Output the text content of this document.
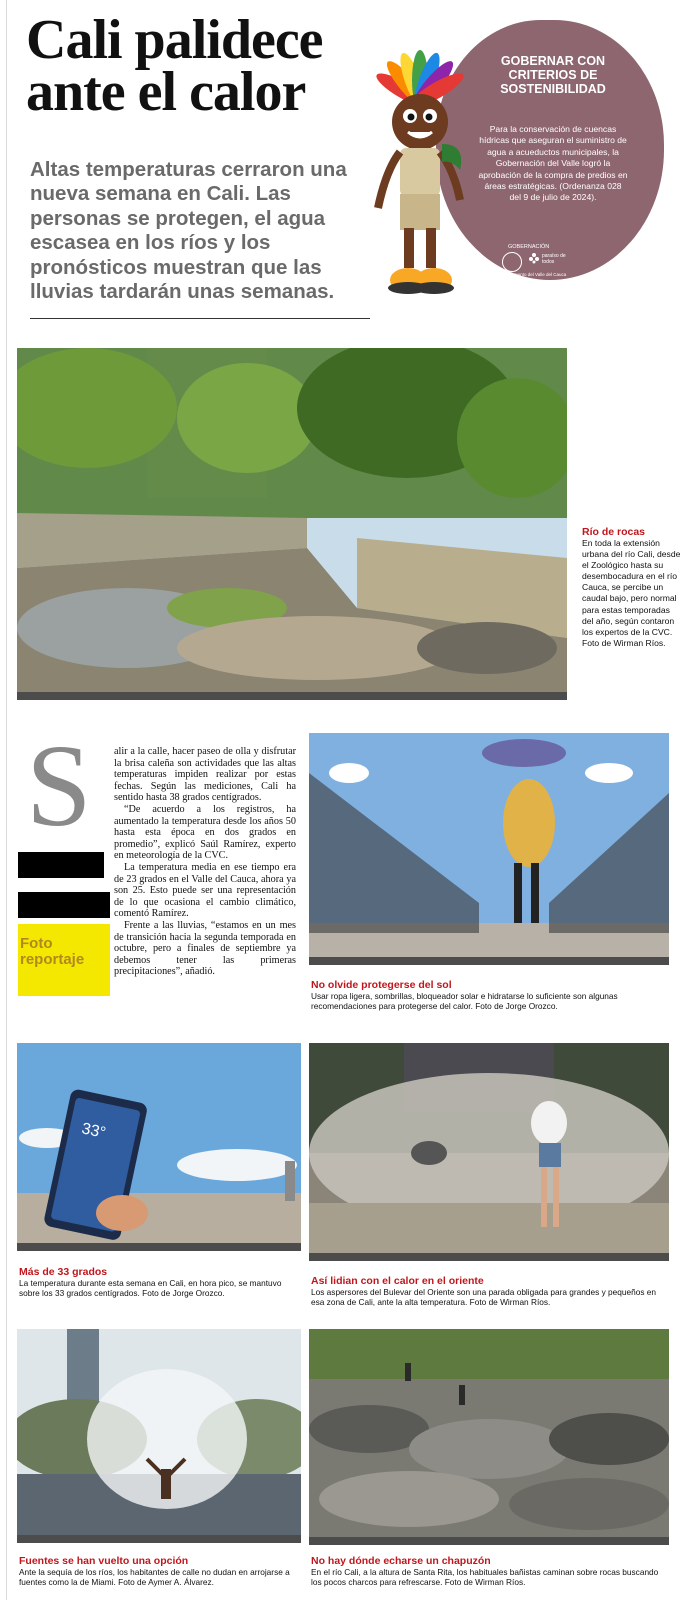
Cali palidece ante el calor
Altas temperaturas cerraron una nueva semana en Cali. Las personas se protegen, el agua escasea en los ríos y los pronósticos muestran que las lluvias tardarán unas semanas.
GOBERNAR CON CRITERIOS DE SOSTENIBILIDAD
Para la conservación de cuencas hídricas que aseguran el suministro de agua a acueductos municipales, la Gobernación del Valle logró la aprobación de la compra de predios en áreas estratégicas. (Ordenanza 028 del 9 de julio de 2024).
GOBERNACIÓN
paraíso de todos
Departamento del Valle del Cauca
Río de rocas
En toda la extensión urbana del río Cali, desde el Zoológico hasta su desembocadura en el río Cauca, se percibe un caudal bajo, pero normal para estas temporadas del año, según contaron los expertos de la CVC. Foto de Wirman Ríos.
S
Foto reportaje

alir a la calle, hacer paseo de olla y disfrutar la brisa caleña son actividades que las altas temperaturas impiden realizar por estas fechas. Según las mediciones, Cali ha sentido hasta 38 grados centígrados.

“De acuerdo a los registros, ha aumentado la temperatura desde los años 50 hasta esta época en dos grados en promedio”, explicó Saúl Ramírez, experto en meteorología de la CVC.

La temperatura media en ese tiempo era de 23 grados en el Valle del Cauca, ahora ya son 25. Esto puede ser una representación de lo que ocasiona el cambio climático, comentó Ramírez.

Frente a las lluvias, “estamos en un mes de transición hacia la segunda temporada en octubre, pero a finales de septiembre ya debemos tener las primeras precipitaciones”, añadió.

No olvide protegerse del sol
Usar ropa ligera, sombrillas, bloqueador solar e hidratarse lo suficiente son algunas recomendaciones para protegerse del calor. Foto de Jorge Orozco.
33°
Más de 33 grados
La temperatura durante esta semana en Cali, en hora pico, se mantuvo sobre los 33 grados centígrados. Foto de Jorge Orozco.
Así lidian con el calor en el oriente
Los aspersores del Bulevar del Oriente son una parada obligada para grandes y pequeños en esa zona de Cali, ante la alta temperatura. Foto de Wirman Ríos.
Fuentes se han vuelto una opción
Ante la sequía de los ríos, los habitantes de calle no dudan en arrojarse a fuentes como la de Miami. Foto de Aymer A. Álvarez.
No hay dónde echarse un chapuzón
En el río Cali, a la altura de Santa Rita, los habituales bañistas caminan sobre rocas buscando los pocos charcos para refrescarse. Foto de Wirman Ríos.
